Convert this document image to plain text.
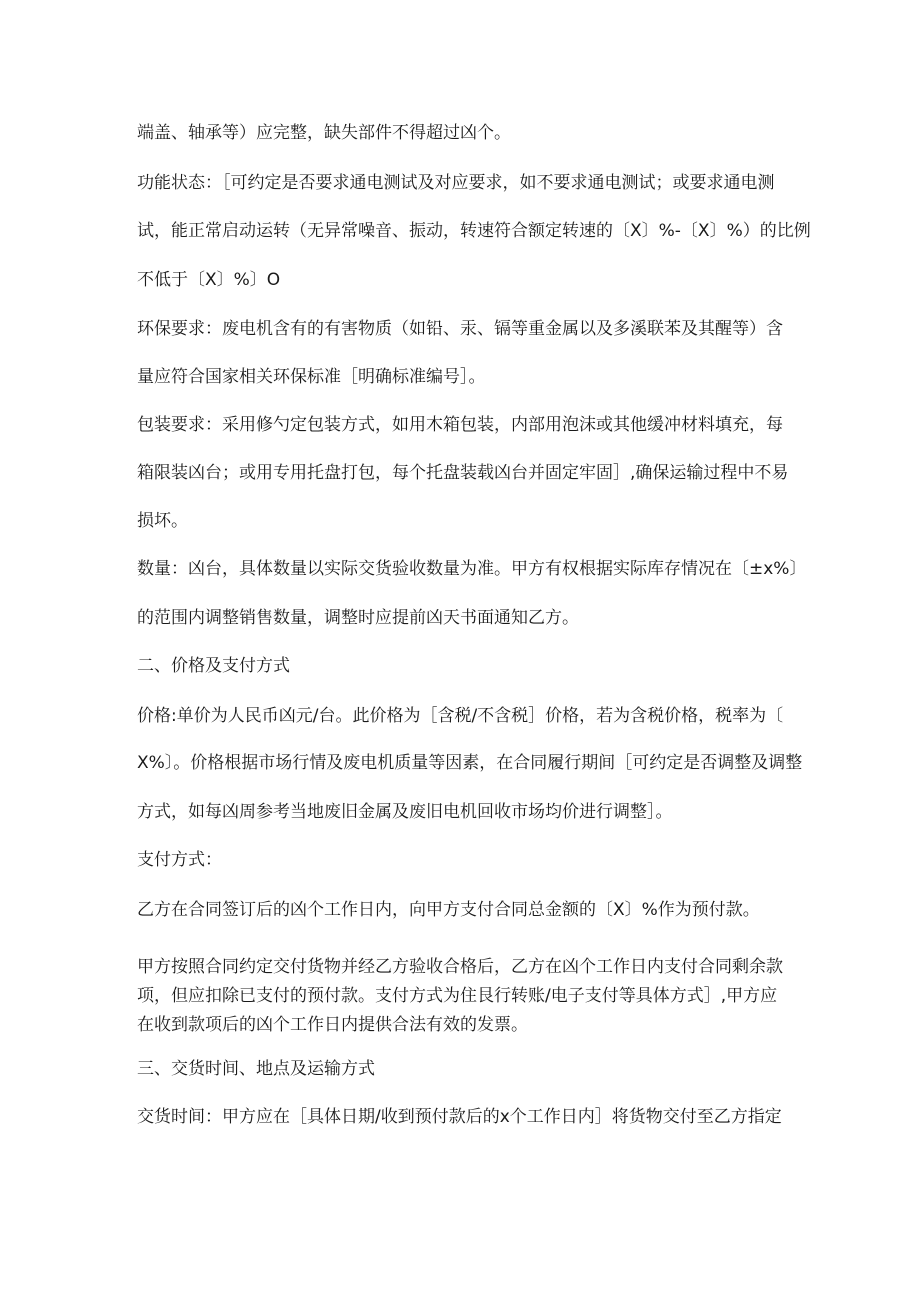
端盖、轴承等）应完整，缺失部件不得超过凶个。
功能状态：［可约定是否要求通电测试及对应要求，如不要求通电测试；或要求通电测
试，能正常启动运转（无异常噪音、振动，转速符合额定转速的〔X〕%-〔X〕%）的比例
不低于〔X〕%〕O
环保要求：废电机含有的有害物质（如铅、汞、镉等重金属以及多溪联苯及其醒等）含
量应符合国家相关环保标准［明确标准编号］。
包装要求：采用修勺定包装方式，如用木箱包装，内部用泡沫或其他缓冲材料填充，每
箱限装凶台；或用专用托盘打包，每个托盘装载凶台并固定牢固］,确保运输过程中不易
损坏。
数量：凶台，具体数量以实际交货验收数量为准。甲方有权根据实际库存情况在〔±x%〕
的范围内调整销售数量，调整时应提前凶天书面通知乙方。
二、价格及支付方式
价格:单价为人民币凶元/台。此价格为［含税/不含税］价格，若为含税价格，税率为〔
X%〕。价格根据市场行情及废电机质量等因素，在合同履行期间［可约定是否调整及调整
方式，如每凶周参考当地废旧金属及废旧电机回收市场均价进行调整］。
支付方式：
乙方在合同签订后的凶个工作日内，向甲方支付合同总金额的〔X〕%作为预付款。
甲方按照合同约定交付货物并经乙方验收合格后，乙方在凶个工作日内支付合同剩余款
项，但应扣除已支付的预付款。支付方式为住艮行转账/电子支付等具体方式］,甲方应
在收到款项后的凶个工作日内提供合法有效的发票。
三、交货时间、地点及运输方式
交货时间：甲方应在［具体日期/收到预付款后的x个工作日内］将货物交付至乙方指定
